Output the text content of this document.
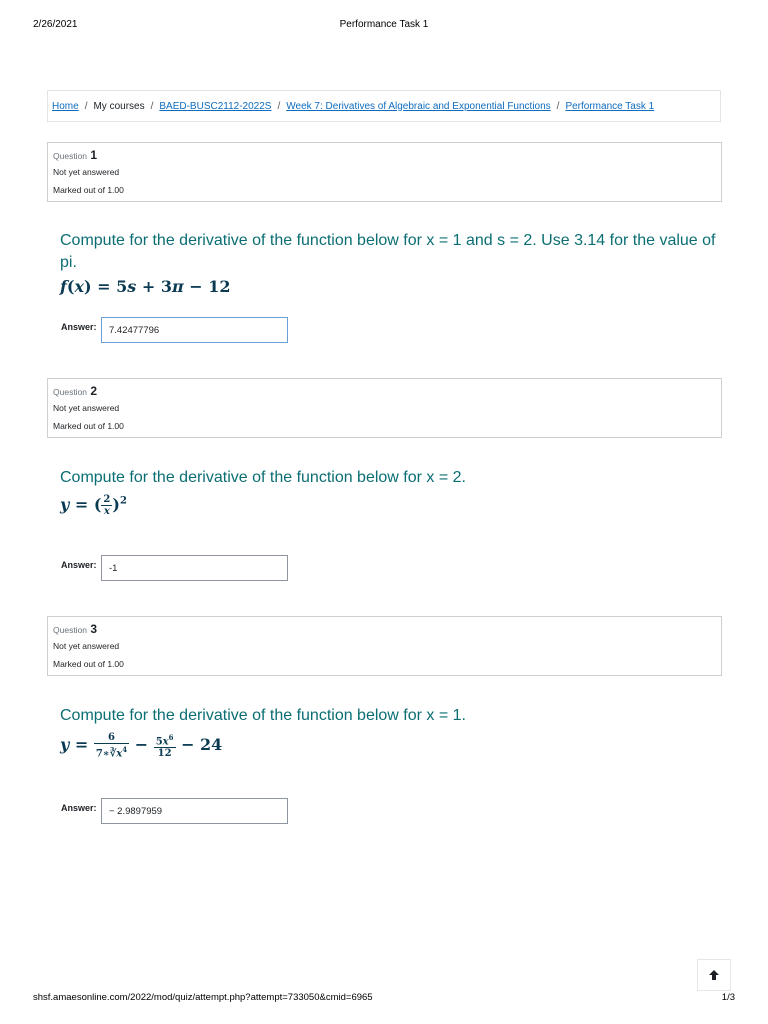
2/26/2021	Performance Task 1
Home / My courses / BAED-BUSC2112-2022S / Week 7: Derivatives of Algebraic and Exponential Functions / Performance Task 1
Question 1
Not yet answered
Marked out of 1.00
Compute for the derivative of the function below for x = 1 and s = 2. Use 3.14 for the value of pi.
f(x) = 5s + 3π − 12
Answer:
7.42477796
Question 2
Not yet answered
Marked out of 1.00
Compute for the derivative of the function below for x = 2.
y = ( $\frac{2}{x} )^2$
Answer:
-1
Question 3
Not yet answered
Marked out of 1.00
Compute for the derivative of the function below for x = 1.
$y = \frac{6}{7∗∛x^4} - \frac{5x^6}{12} - 24$
Answer:
− 2.9897959
shsf.amaesonline.com/2022/mod/quiz/attempt.php?attempt=733050&cmid=6965	1/3
